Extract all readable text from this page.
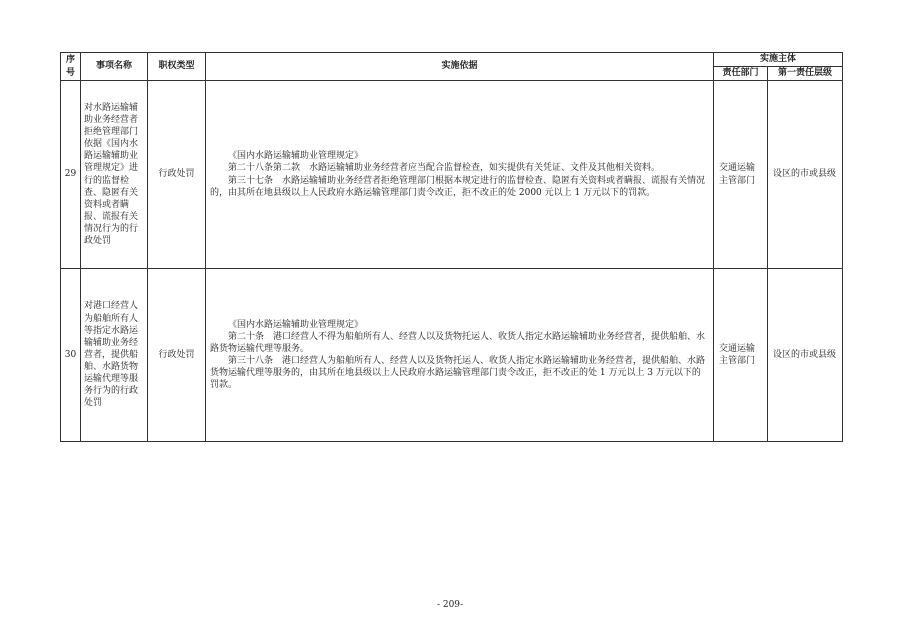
序
号	事项名称	职权类型	实施依据	实施主体	
				责任部门	第一责任层级
29	对水路运输辅助业务经营者拒绝管理部门依据《国内水路运输辅助业管理规定》进行的监督检查、隐匿有关资料或者瞒报、谎报有关情况行为的行政处罚	行政处罚	《国内水路运输辅助业管理规定》

第二十八条第二款　水路运输辅助业务经营者应当配合监督检查，如实提供有关凭证、文件及其他相关资料。

第三十七条　水路运输辅助业务经营者拒绝管理部门根据本规定进行的监督检查、隐匿有关资料或者瞒报、谎报有关情况的，由其所在地县级以上人民政府水路运输管理部门责令改正，拒不改正的处 2000 元以上 1 万元以下的罚款。	交通运输主管部门	设区的市或县级
30	对港口经营人为船舶所有人等指定水路运输辅助业务经营者，提供船舶、水路货物运输代理等服务行为的行政处罚	行政处罚	《国内水路运输辅助业管理规定》

第二十条　港口经营人不得为船舶所有人、经营人以及货物托运人、收货人指定水路运输辅助业务经营者，提供船舶、水路货物运输代理等服务。

第三十八条　港口经营人为船舶所有人、经营人以及货物托运人、收货人指定水路运输辅助业务经营者，提供船舶、水路货物运输代理等服务的，由其所在地县级以上人民政府水路运输管理部门责令改正，拒不改正的处 1 万元以上 3 万元以下的罚款。	交通运输主管部门	设区的市或县级
- 209-
